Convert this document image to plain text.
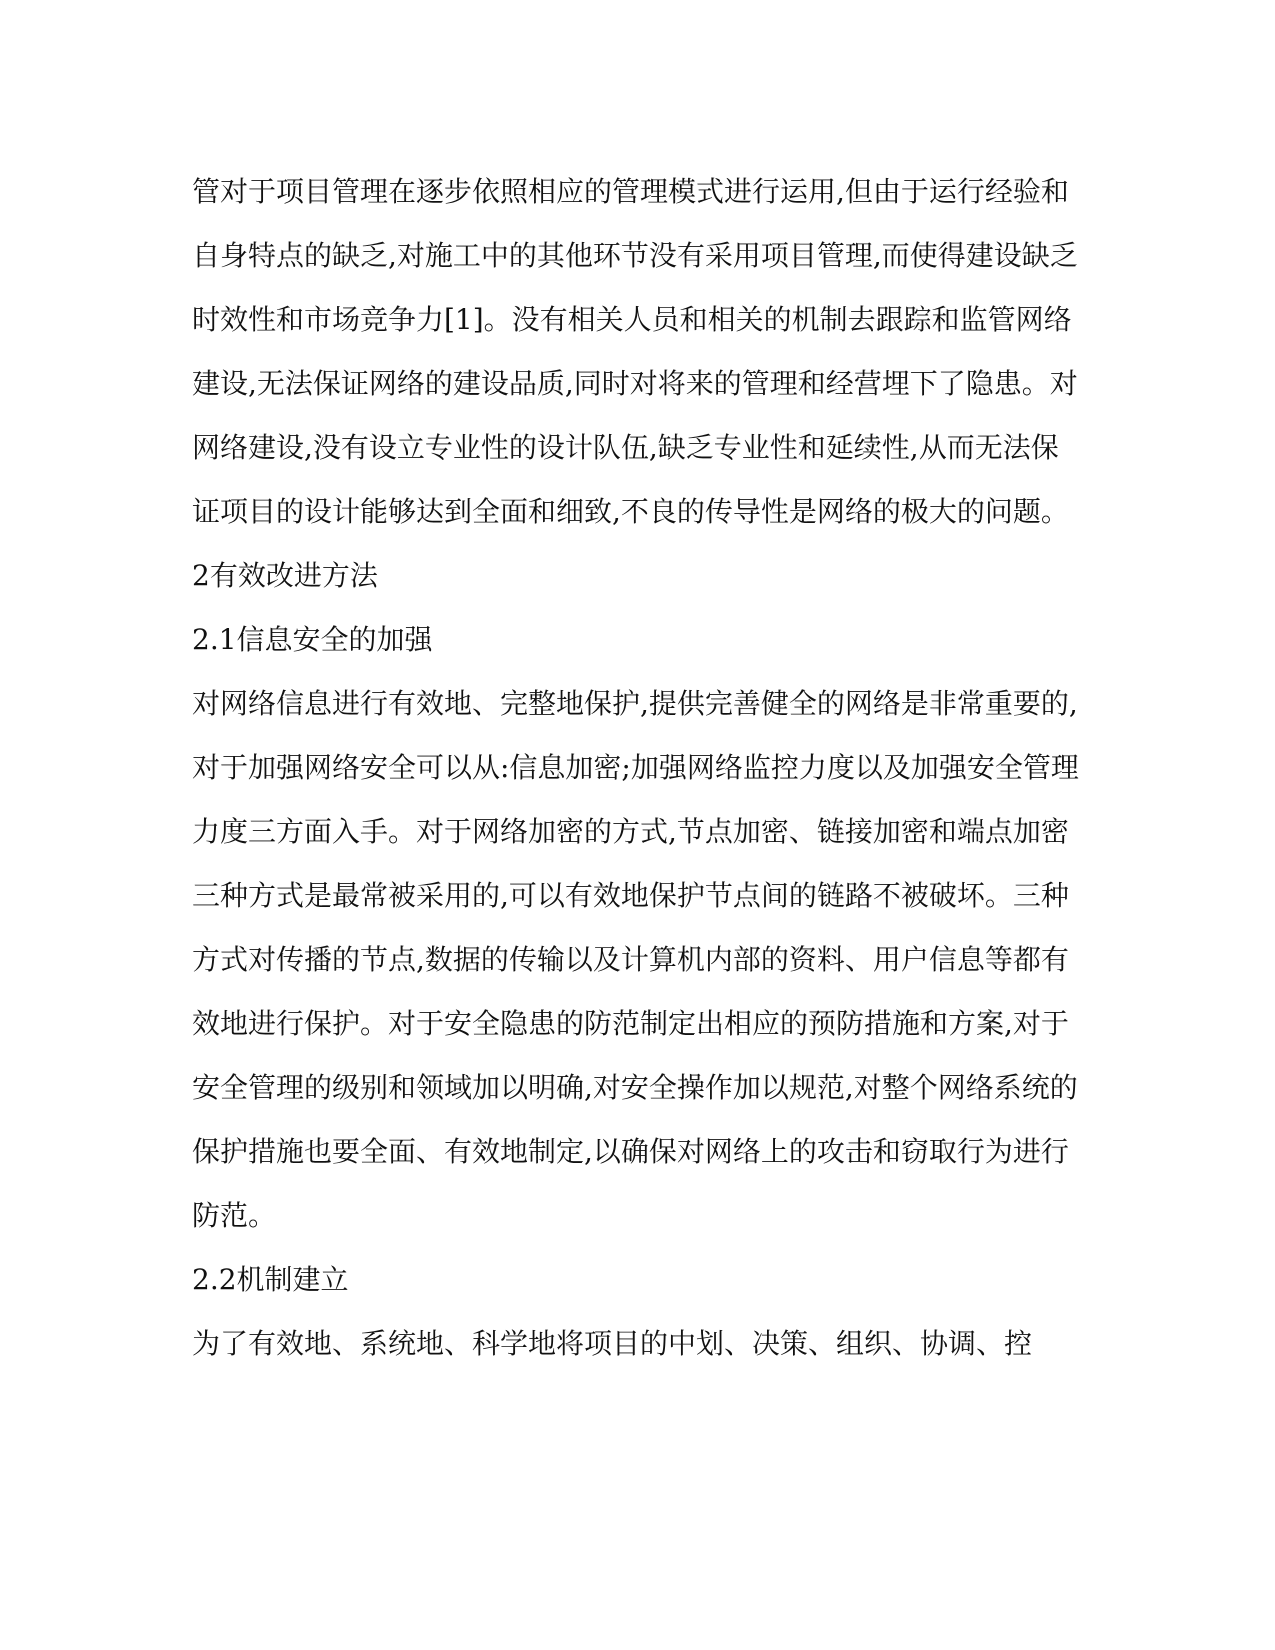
管对于项目管理在逐步依照相应的管理模式进行运用,但由于运行经验和自身特点的缺乏,对施工中的其他环节没有采用项目管理,而使得建设缺乏时效性和市场竞争力[1]。没有相关人员和相关的机制去跟踪和监管网络建设,无法保证网络的建设品质,同时对将来的管理和经营埋下了隐患。对网络建设,没有设立专业性的设计队伍,缺乏专业性和延续性,从而无法保证项目的设计能够达到全面和细致,不良的传导性是网络的极大的问题。

2有效改进方法

2.1信息安全的加强

对网络信息进行有效地、完整地保护,提供完善健全的网络是非常重要的,对于加强网络安全可以从:信息加密;加强网络监控力度以及加强安全管理力度三方面入手。对于网络加密的方式,节点加密、链接加密和端点加密三种方式是最常被采用的,可以有效地保护节点间的链路不被破坏。三种方式对传播的节点,数据的传输以及计算机内部的资料、用户信息等都有效地进行保护。对于安全隐患的防范制定出相应的预防措施和方案,对于安全管理的级别和领域加以明确,对安全操作加以规范,对整个网络系统的保护措施也要全面、有效地制定,以确保对网络上的攻击和窃取行为进行防范。

2.2机制建立

为了有效地、系统地、科学地将项目的中划、决策、组织、协调、控
